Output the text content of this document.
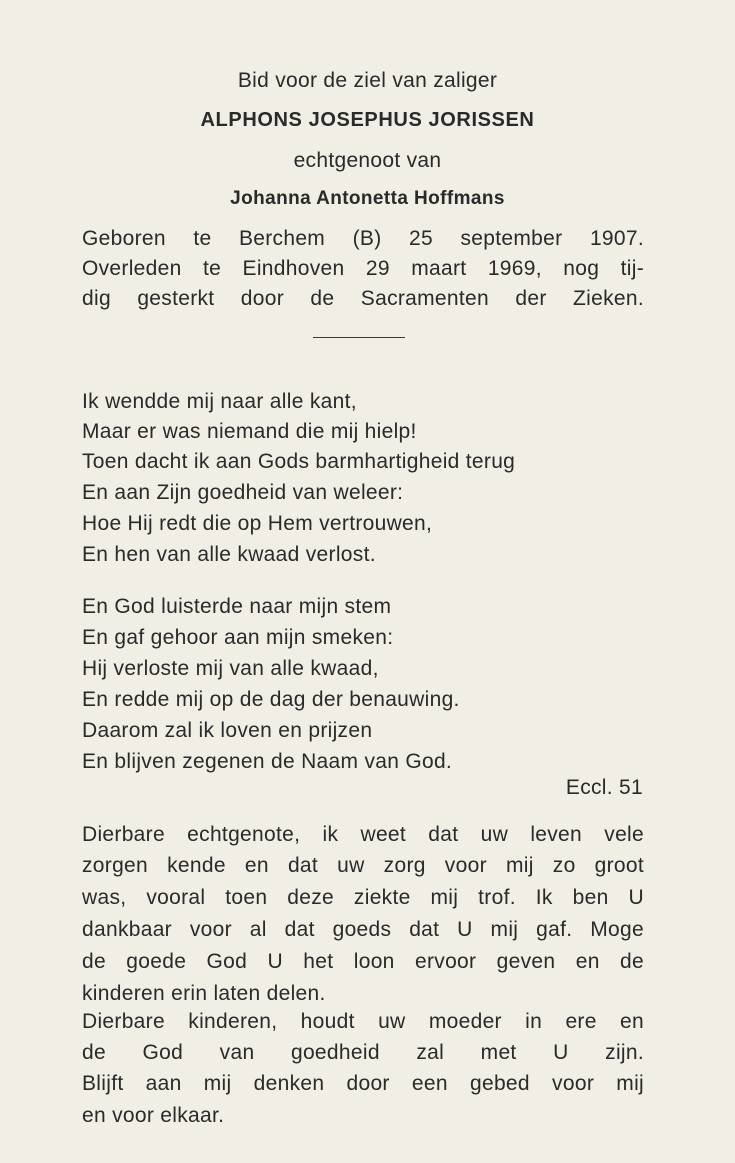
Bid voor de ziel van zaliger
ALPHONS JOSEPHUS JORISSEN
echtgenoot van
Johanna Antonetta Hoffmans
Geboren te Berchem (B) 25 september 1907.
Overleden te Eindhoven 29 maart 1969, nog tij-
dig gesterkt door de Sacramenten der Zieken.
Ik wendde mij naar alle kant,
Maar er was niemand die mij hielp!
Toen dacht ik aan Gods barmhartigheid terug
En aan Zijn goedheid van weleer:
Hoe Hij redt die op Hem vertrouwen,
En hen van alle kwaad verlost.
En God luisterde naar mijn stem
En gaf gehoor aan mijn smeken:
Hij verloste mij van alle kwaad,
En redde mij op de dag der benauwing.
Daarom zal ik loven en prijzen
En blijven zegenen de Naam van God.
Eccl. 51
Dierbare echtgenote, ik weet dat uw leven vele
zorgen kende en dat uw zorg voor mij zo groot
was, vooral toen deze ziekte mij trof. Ik ben U
dankbaar voor al dat goeds dat U mij gaf. Moge
de goede God U het loon ervoor geven en de
kinderen erin laten delen.
Dierbare kinderen, houdt uw moeder in ere en
de God van goedheid zal met U zijn.
Blijft aan mij denken door een gebed voor mij
en voor elkaar.
